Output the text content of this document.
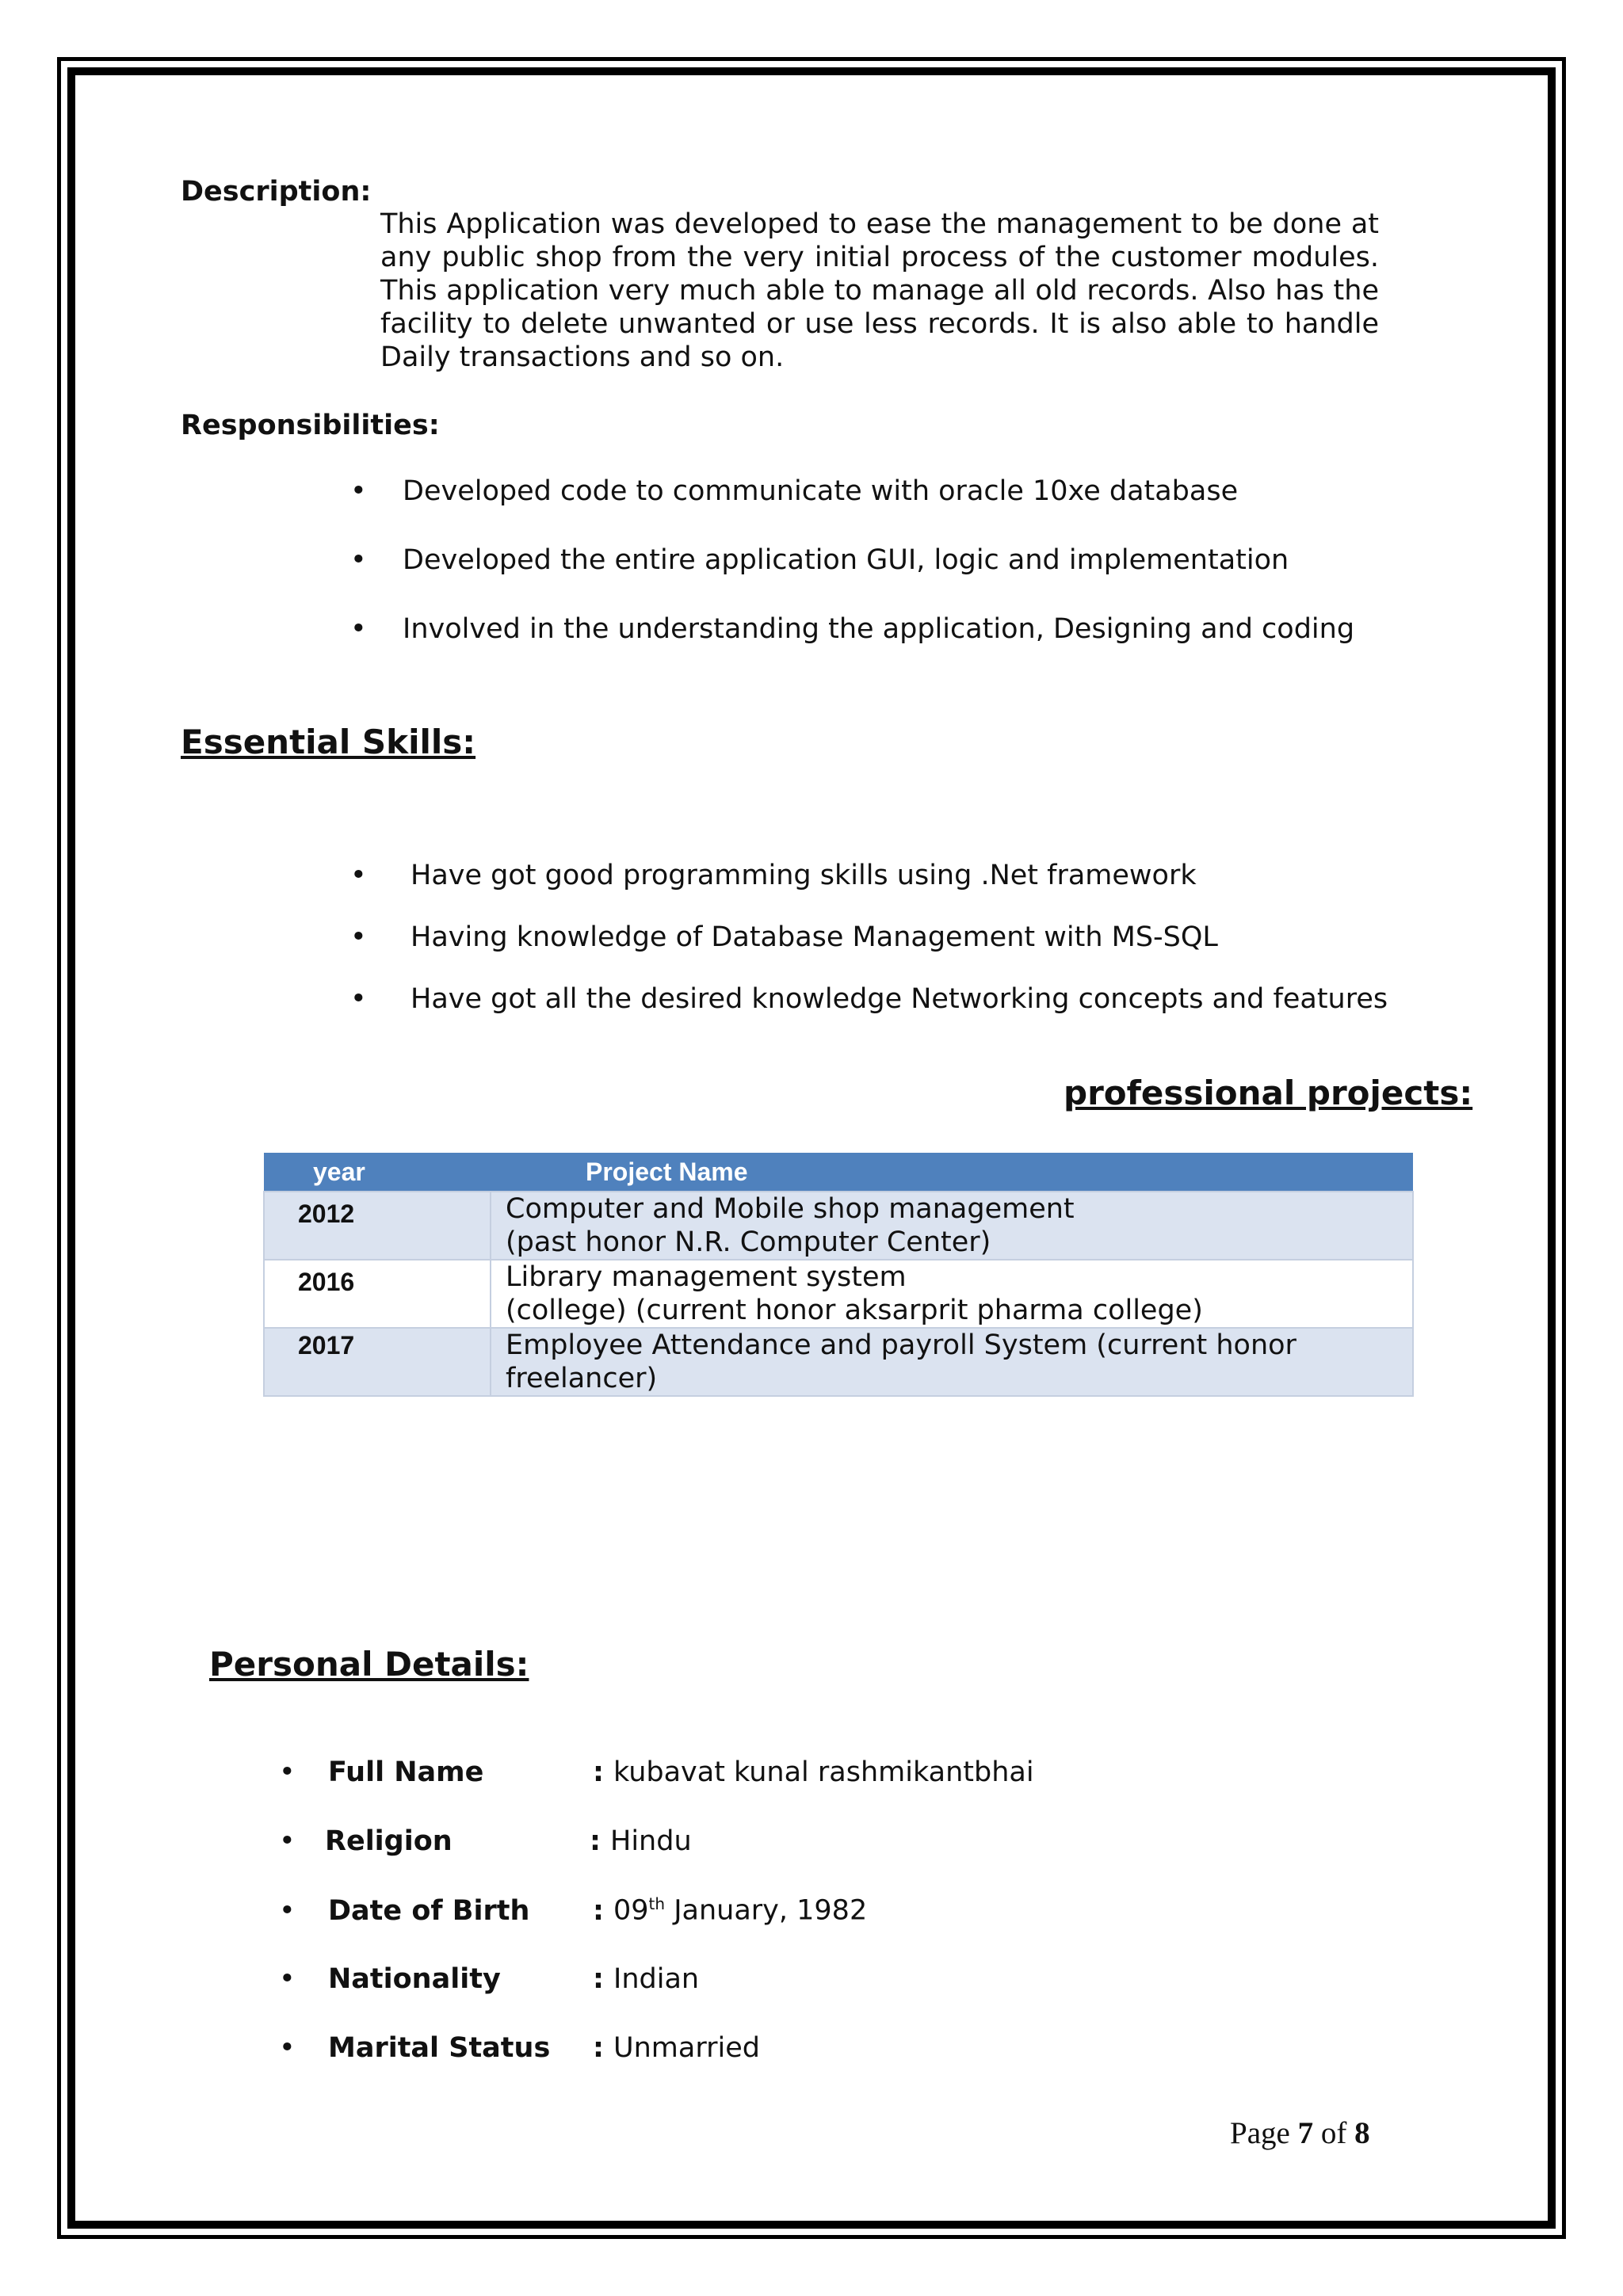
Description:
This Application was developed to ease the management to be done at any public shop from the very initial process of the customer modules. This application very much able to manage all old records. Also has the facility to delete unwanted or use less records. It is also able to handle Daily transactions and so on.
Responsibilities:
• Developed code to communicate with oracle 10xe database
• Developed the entire application GUI, logic and implementation
• Involved in the understanding the application, Designing and coding
Essential Skills:
• Have got good programming skills using .Net framework
• Having knowledge of Database Management with MS-SQL
• Have got all the desired knowledge Networking concepts and features
professional projects:
year	Project Name
2012	Computer and Mobile shop management
(past honor N.R. Computer Center)

2016	Library management system
(college) (current honor aksarprit pharma college)

2017	Employee Attendance and payroll System (current honor freelancer)
Personal Details:
• Full Name	: kubavat kunal rashmikantbhai
• Religion	: Hindu
• Date of Birth	: 09th January, 1982
• Nationality	: Indian
• Marital Status	: Unmarried
Page 7 of 8
